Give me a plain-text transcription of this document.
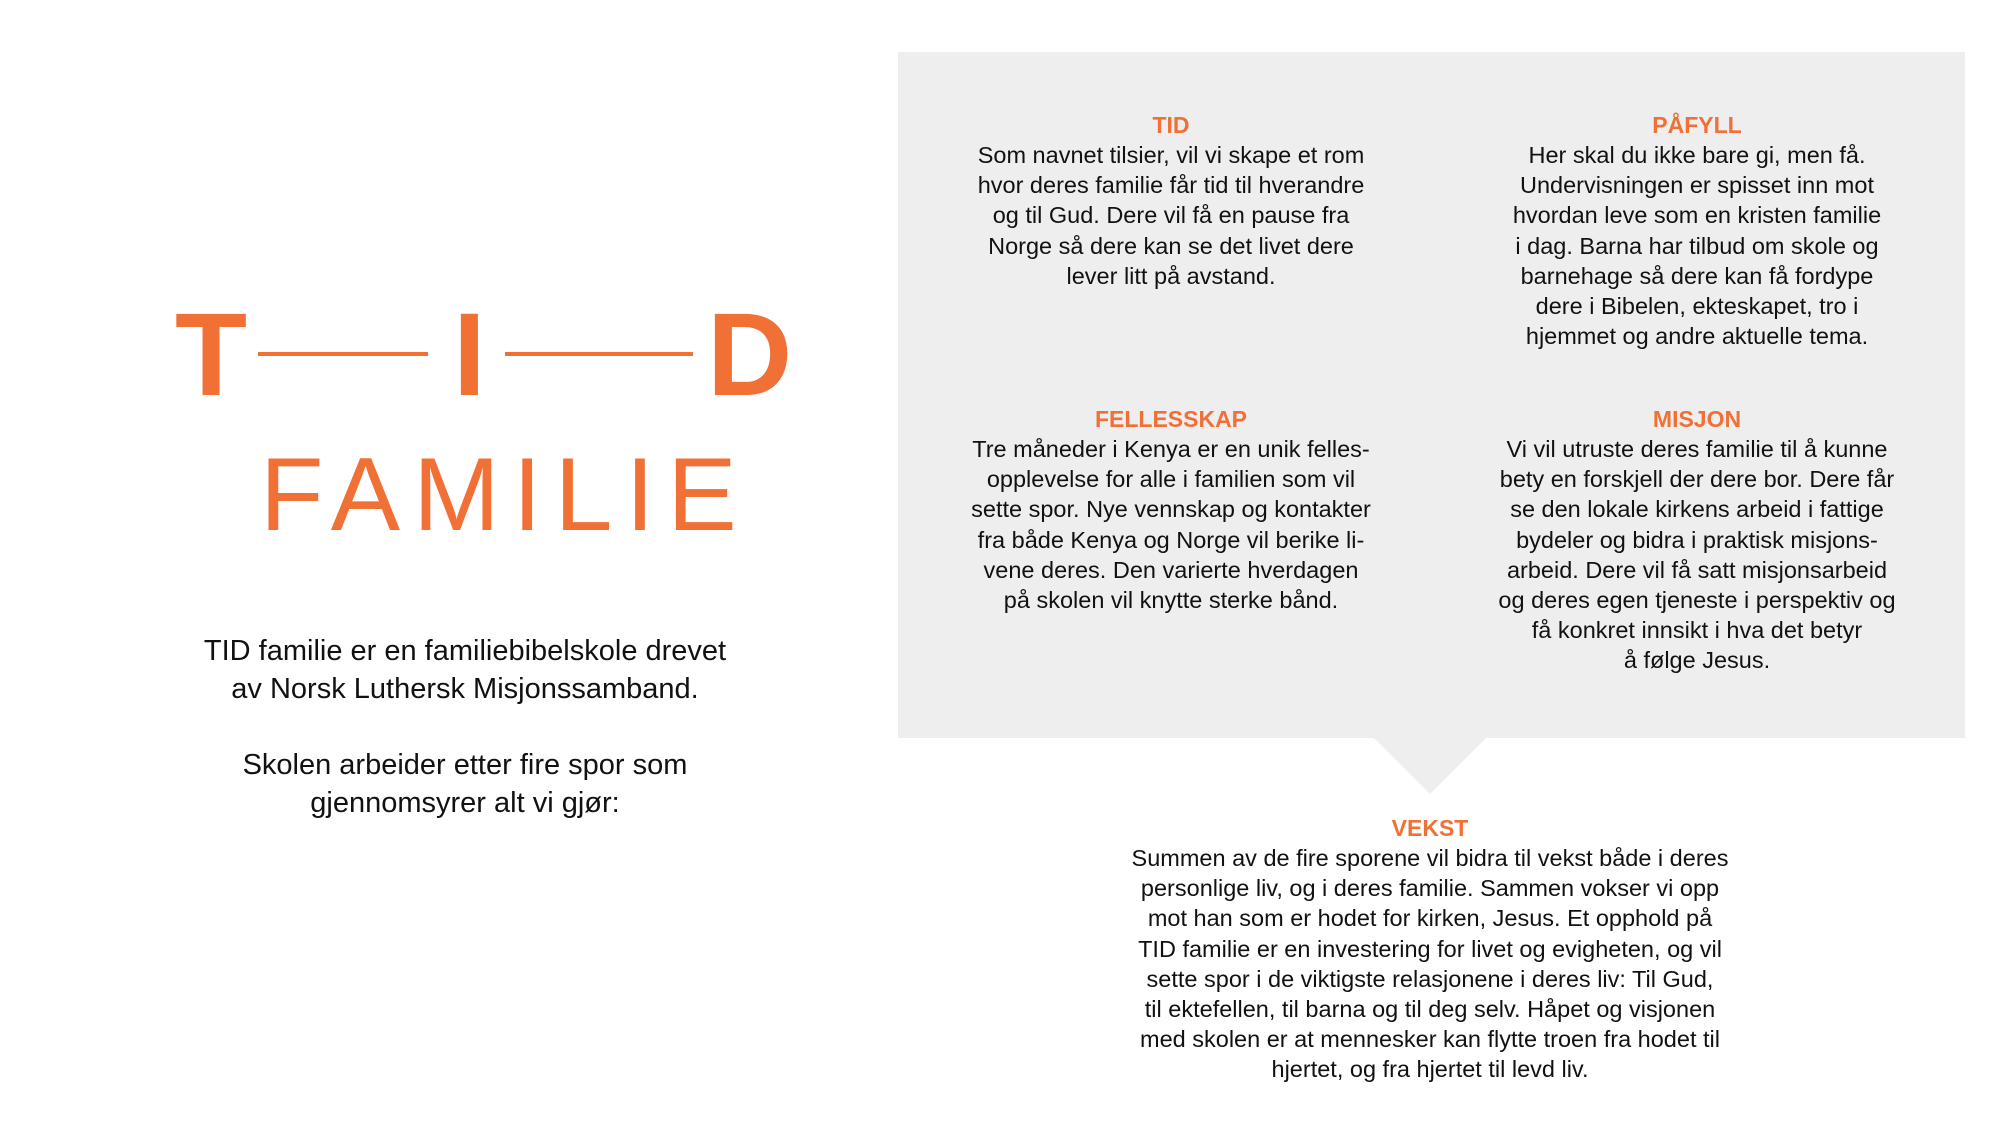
T I D
FAMILIE

TID familie er en familiebibelskole drevet
av Norsk Luthersk Misjonssamband.

Skolen arbeider etter fire spor som
gjennomsyrer alt vi gjør:

TID
Som navnet tilsier, vil vi skape et rom
hvor deres familie får tid til hverandre
og til Gud. Dere vil få en pause fra
Norge så dere kan se det livet dere
lever litt på avstand.
PÅFYLL
Her skal du ikke bare gi, men få.
Undervisningen er spisset inn mot
hvordan leve som en kristen familie
i dag. Barna har tilbud om skole og
barnehage så dere kan få fordype
dere i Bibelen, ekteskapet, tro i
hjemmet og andre aktuelle tema.
FELLESSKAP
Tre måneder i Kenya er en unik felles-
opplevelse for alle i familien som vil
sette spor. Nye vennskap og kontakter
fra både Kenya og Norge vil berike li-
vene deres. Den varierte hverdagen
på skolen vil knytte sterke bånd.
MISJON
Vi vil utruste deres familie til å kunne
bety en forskjell der dere bor. Dere får
se den lokale kirkens arbeid i fattige
bydeler og bidra i praktisk misjons-
arbeid. Dere vil få satt misjonsarbeid
og deres egen tjeneste i perspektiv og
få konkret innsikt i hva det betyr
å følge Jesus.
VEKST
Summen av de fire sporene vil bidra til vekst både i deres
personlige liv, og i deres familie. Sammen vokser vi opp
mot han som er hodet for kirken, Jesus. Et opphold på
TID familie er en investering for livet og evigheten, og vil
sette spor i de viktigste relasjonene i deres liv: Til Gud,
til ektefellen, til barna og til deg selv. Håpet og visjonen
med skolen er at mennesker kan flytte troen fra hodet til
hjertet, og fra hjertet til levd liv.
